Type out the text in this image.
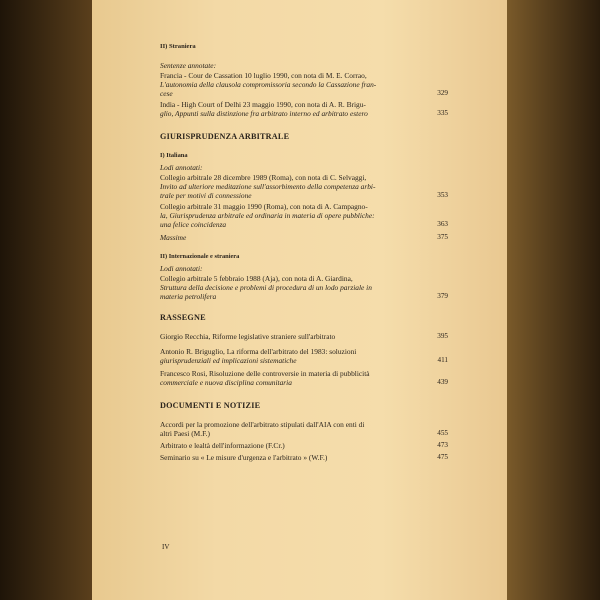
II) Straniera
Sentenze annotate:
Francia - Cour de Cassation 10 luglio 1990, con nota di M. E. Corrao,
L'autonomia della clausola compromissoria secondo la Cassazione fran-
cese	329
India - High Court of Delhi 23 maggio 1990, con nota di A. R. Brigu-
glio, Appunti sulla distinzione fra arbitrato interno ed arbitrato estero	335
GIURISPRUDENZA ARBITRALE
I) Italiana
Lodi annotati:
Collegio arbitrale 28 dicembre 1989 (Roma), con nota di C. Selvaggi,
Invito ad ulteriore meditazione sull'assorbimento della competenza arbi-
trale per motivi di connessione	353
Collegio arbitrale 31 maggio 1990 (Roma), con nota di A. Campagno-
la, Giurisprudenza arbitrale ed ordinaria in materia di opere pubbliche:
una felice coincidenza	363
Massime	375
II) Internazionale e straniera
Lodi annotati:
Collegio arbitrale 5 febbraio 1988 (Aja), con nota di A. Giardina,
Struttura della decisione e problemi di procedura di un lodo parziale in
materia petrolifera	379
RASSEGNE
Giorgio Recchia, Riforme legislative straniere sull'arbitrato	395
Antonio R. Briguglio, La riforma dell'arbitrato del 1983: soluzioni
giurisprudenziali ed implicazioni sistematiche	411
Francesco Rosi, Risoluzione delle controversie in materia di pubblicità
commerciale e nuova disciplina comunitaria	439
DOCUMENTI E NOTIZIE
Accordi per la promozione dell'arbitrato stipulati dall'AIA con enti di
altri Paesi (M.F.)	455
Arbitrato e lealtà dell'informazione (F.Cr.)	473
Seminario su « Le misure d'urgenza e l'arbitrato » (W.F.)	475
IV
